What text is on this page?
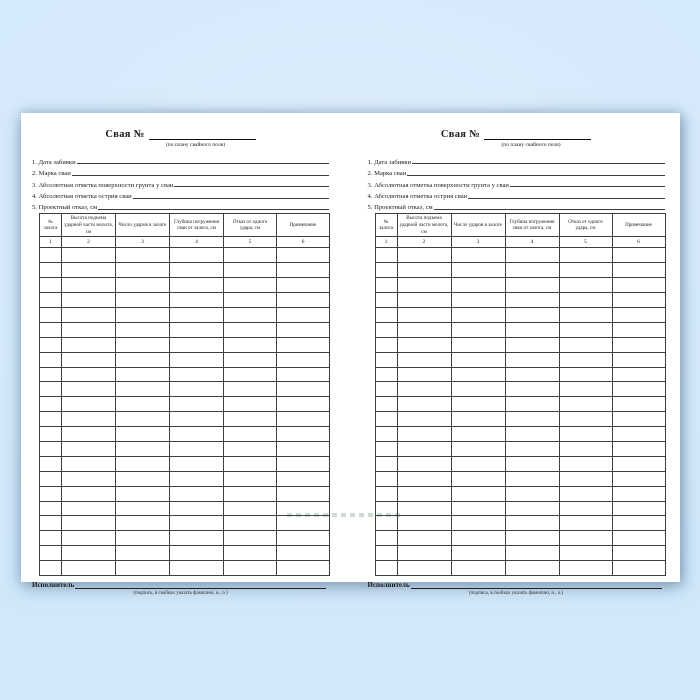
Свая №
(по плану свайного поля)
1. Дата забивки
2. Марка сваи
3. Абсолютная отметка поверхности грунта у сваи
4. Абсолютная отметка острия сваи
5. Проектный отказ, см
№ залога	Высота подъема ударной части молота, см	Число ударов в залоге	Глубина погружения сваи от залога, см	Отказ от одного удара, см	Примечание
1	2	3	4	5	6

Исполнитель
(подпись, в скобках указать фамилию, и., о.)
Свая №
(по плану свайного поля)
1. Дата забивки
2. Марка сваи
3. Абсолютная отметка поверхности грунта у сваи
4. Абсолютная отметка острия сваи
5. Проектный отказ, см
№ залога	Высота подъема ударной части молота, см	Число ударов в залоге	Глубина погружения сваи от залога, см	Отказ от одного удара, см	Примечание
1	2	3	4	5	6

Исполнитель
(подпись, в скобках указать фамилию, и., о.)
